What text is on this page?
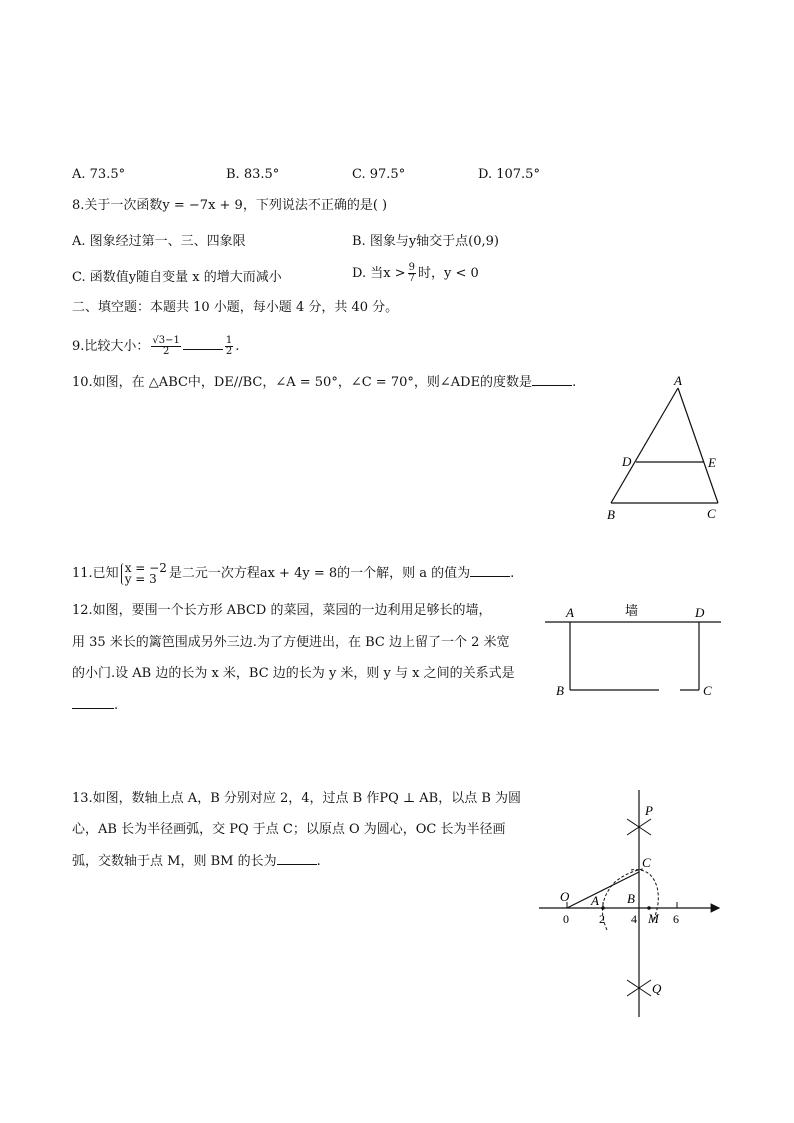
A. 73.5°	B. 83.5°	C. 97.5°	D. 107.5°
8.关于一次函数y = −7x + 9，下列说法不正确的是( )
A. 图象经过第一、三、四象限	B. 图象与y轴交于点(0,9)
C. 函数值y随自变量 x 的增大而减小	D. 当$x > \frac{9}{7}$ 时，y < 0
二、填空题：本题共 10 小题，每小题 4 分，共 40 分。
9.比较大小： $\frac{√3-1}{2}$	$\frac{1}{2}$ .
10.如图，在 △ABC中，DE//BC，∠A = 50°，∠C = 70°，则∠ADE的度数是	.	A
D	E
B	C
11.已知 x = −2
y = 3 是二元一次方程ax + 4y = 8的一个解，则 a 的值为	.
12.如图，要围一个长方形 ABCD 的菜园，菜园的一边利用足够长的墙，
用 35 米长的篱笆围成另外三边.为了方便进出，在 BC 边上留了一个 2 米宽
的小门.设 AB 边的长为 x 米，BC 边的长为 y 米，则 y 与 x 之间的关系式是
.
墙
A	D
B	C
13.如图，数轴上点 A，B 分别对应 2，4，过点 B 作PQ ⊥ AB，以点 B 为圆
心，AB 长为半径画弧，交 PQ 于点 C；以原点 O 为圆心，OC 长为半径画
弧，交数轴于点 M，则 BM 的长为	.
P
C
O A B
M
0	2 4	6
Q
